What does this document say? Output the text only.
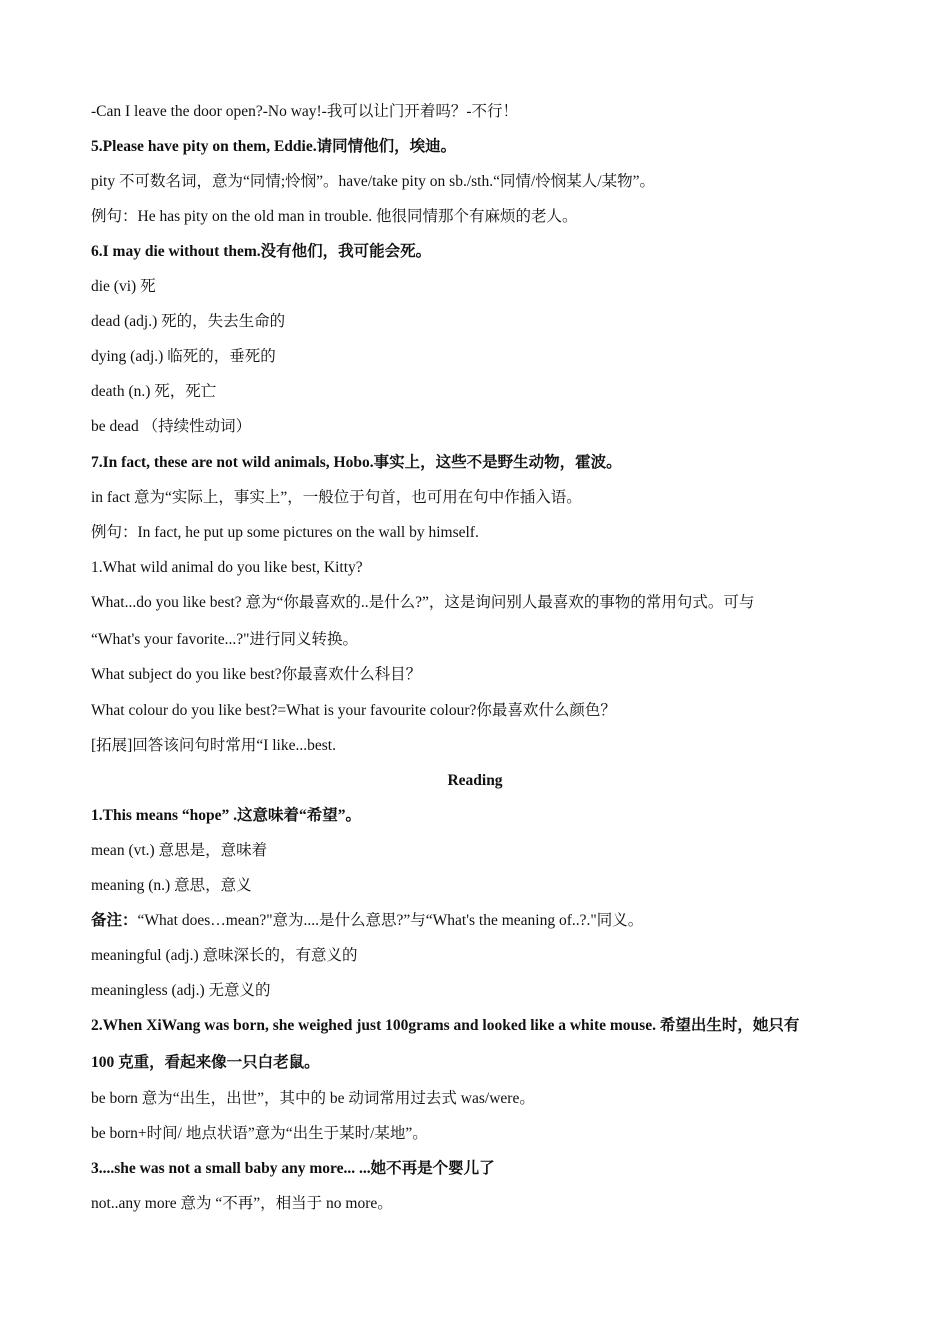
-Can I leave the door open?-No way!-我可以让门开着吗？-不行！
5.Please have pity on them, Eddie.请同情他们，埃迪。
pity 不可数名词，意为“同情;怜悯”。have/take pity on sb./sth.“同情/怜悯某人/某物”。
例句：He has pity on the old man in trouble. 他很同情那个有麻烦的老人。
6.I may die without them.没有他们，我可能会死。
die (vi) 死
dead (adj.) 死的，失去生命的
dying (adj.) 临死的，垂死的
death (n.) 死，死亡
be dead （持续性动词）
7.In fact, these are not wild animals, Hobo.事实上，这些不是野生动物，霍波。
in fact 意为“实际上，事实上”，一般位于句首，也可用在句中作插入语。
例句：In fact, he put up some pictures on the wall by himself.
1.What wild animal do you like best, Kitty?
What...do you like best? 意为“你最喜欢的..是什么?”，这是询问别人最喜欢的事物的常用句式。可与
“What's your favorite...?"进行同义转换。
What subject do you like best?你最喜欢什么科目？
What colour do you like best?=What is your favourite colour?你最喜欢什么颜色？
[拓展]回答该问句时常用“I like...best.
Reading
1.This means “hope” .这意味着“希望”。
mean (vt.) 意思是，意味着
meaning (n.) 意思，意义
备注：“What does…mean?"意为....是什么意思?”与“What's the meaning of..?."同义。
meaningful (adj.) 意味深长的，有意义的
meaningless (adj.) 无意义的
2.When XiWang was born, she weighed just 100grams and looked like a white mouse. 希望出生时，她只有
100 克重，看起来像一只白老鼠。
be born 意为“出生，出世”，其中的 be 动词常用过去式 was/were。
be born+时间/ 地点状语”意为“出生于某时/某地”。
3....she was not a small baby any more... ...她不再是个婴儿了
not..any more 意为 “不再”，相当于 no more。
